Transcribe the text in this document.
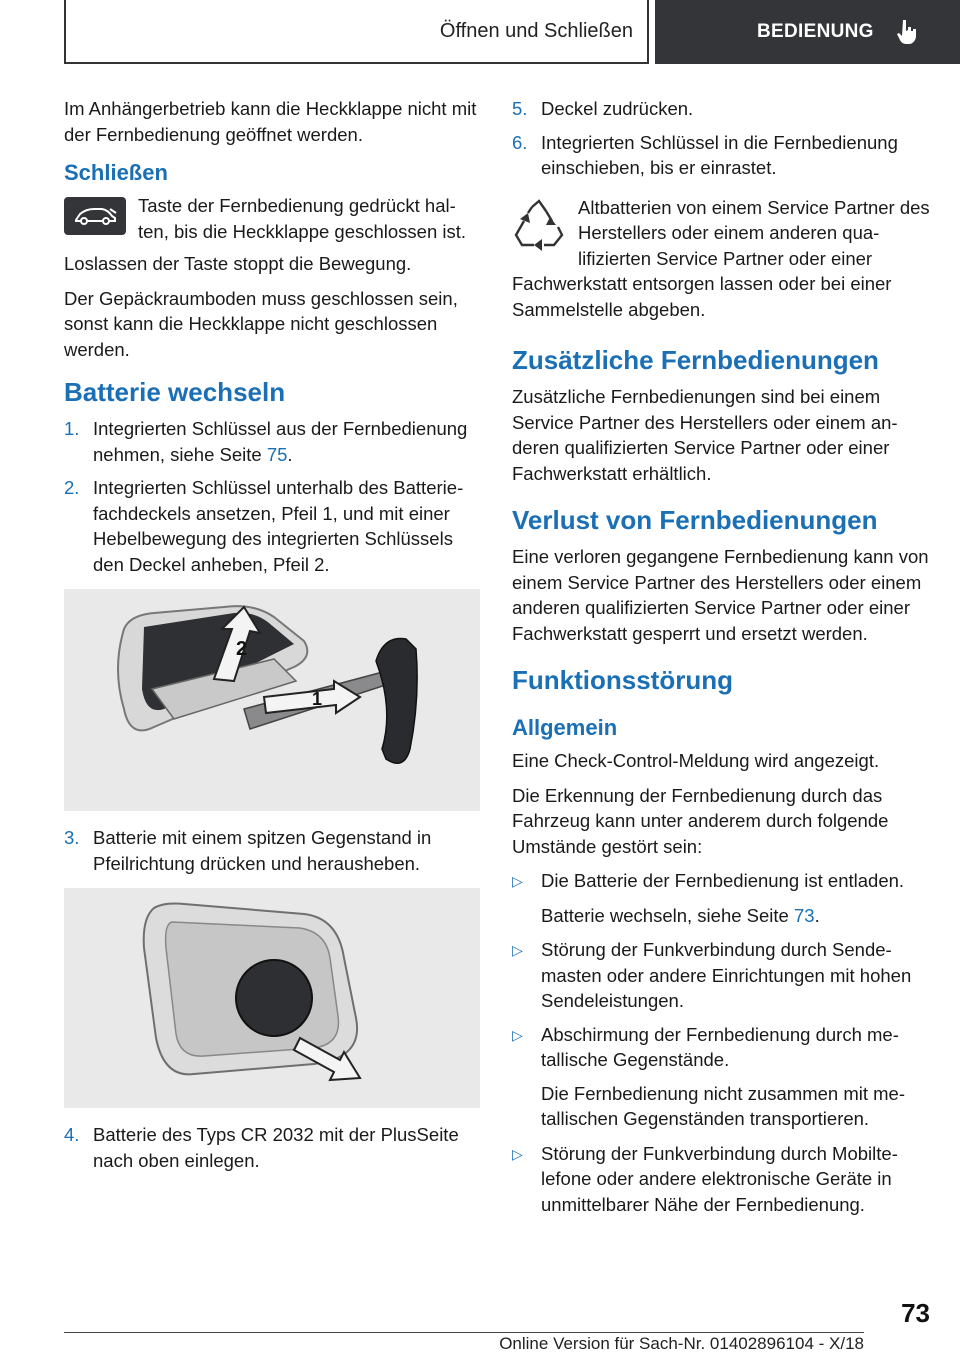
Öffnen und Schließen	BEDIENUNG

Im Anhängerbetrieb kann die Heckklappe nicht mit der Fernbedienung geöffnet werden.

Schließen
Taste der Fernbedienung gedrückt halten, bis die Heckklappe geschlossen ist.

Loslassen der Taste stoppt die Bewegung.

Der Gepäckraumboden muss geschlossen sein, sonst kann die Heckklappe nicht geschlossen werden.

Batterie wechseln
1. Integrierten Schlüssel aus der Fernbedienung nehmen, siehe Seite 75.
2. Integrierten Schlüssel unterhalb des Batteriefachdeckels ansetzen, Pfeil 1, und mit einer Hebelbewegung des integrierten Schlüssels den Deckel anheben, Pfeil 2.
2
1
3. Batterie mit einem spitzen Gegenstand in Pfeilrichtung drücken und herausheben.
4. Batterie des Typs CR 2032 mit der PlusSeite nach oben einlegen.
5. Deckel zudrücken.
6. Integrierten Schlüssel in die Fernbedienung einschieben, bis er einrastet.
Altbatterien von einem Service Partner des Herstellers oder einem anderen qualifizierten Service Partner oder einer Fachwerkstatt entsorgen lassen oder bei einer Sammelstelle abgeben.
Zusätzliche Fernbedienungen

Zusätzliche Fernbedienungen sind bei einem Service Partner des Herstellers oder einem anderen qualifizierten Service Partner oder einer Fachwerkstatt erhältlich.

Verlust von Fernbedienungen

Eine verloren gegangene Fernbedienung kann von einem Service Partner des Herstellers oder einem anderen qualifizierten Service Partner oder einer Fachwerkstatt gesperrt und ersetzt werden.

Funktionsstörung
Allgemein

Eine Check-Control-Meldung wird angezeigt.

Die Erkennung der Fernbedienung durch das Fahrzeug kann unter anderem durch folgende Umstände gestört sein:

▷ Die Batterie der Fernbedienung ist entladen.
Batterie wechseln, siehe Seite 73.
▷ Störung der Funkverbindung durch Sendemasten oder andere Einrichtungen mit hohen Sendeleistungen.
▷ Abschirmung der Fernbedienung durch metallische Gegenstände.
Die Fernbedienung nicht zusammen mit metallischen Gegenständen transportieren.
▷ Störung der Funkverbindung durch Mobiltelefone oder andere elektronische Geräte in unmittelbarer Nähe der Fernbedienung.
73
Online Version für Sach-Nr. 01402896104 - X/18
